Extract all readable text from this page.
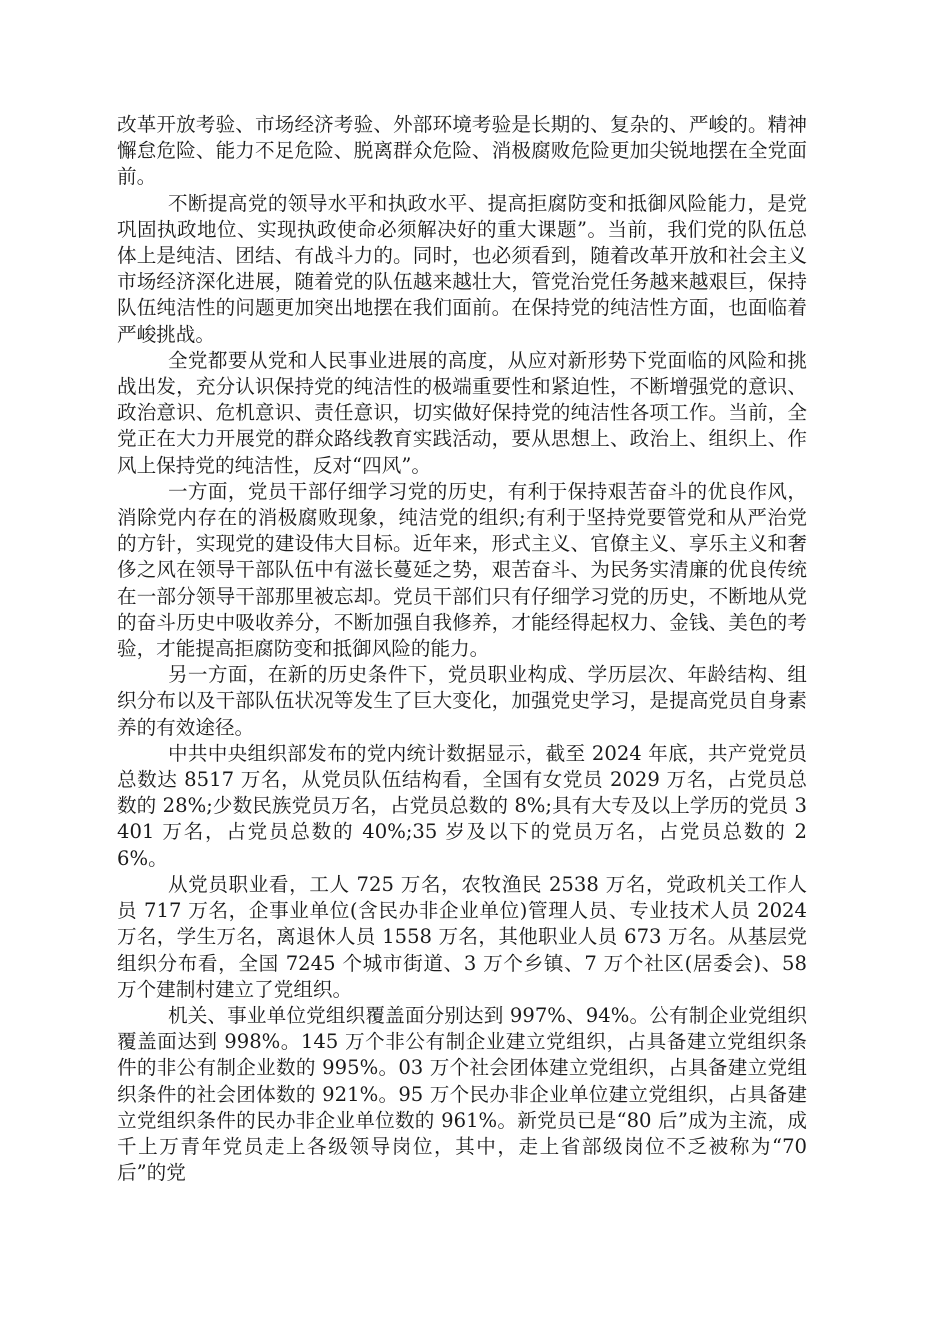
改革开放考验、市场经济考验、外部环境考验是长期的、复杂的、严峻的。精神懈怠危险、能力不足危险、脱离群众危险、消极腐败危险更加尖锐地摆在全党面前。

不断提高党的领导水平和执政水平、提高拒腐防变和抵御风险能力，是党巩固执政地位、实现执政使命必须解决好的重大课题”。当前，我们党的队伍总体上是纯洁、团结、有战斗力的。同时，也必须看到，随着改革开放和社会主义市场经济深化进展，随着党的队伍越来越壮大，管党治党任务越来越艰巨，保持队伍纯洁性的问题更加突出地摆在我们面前。在保持党的纯洁性方面，也面临着严峻挑战。

全党都要从党和人民事业进展的高度，从应对新形势下党面临的风险和挑战出发，充分认识保持党的纯洁性的极端重要性和紧迫性，不断增强党的意识、政治意识、危机意识、责任意识，切实做好保持党的纯洁性各项工作。当前，全党正在大力开展党的群众路线教育实践活动，要从思想上、政治上、组织上、作风上保持党的纯洁性，反对“四风”。

一方面，党员干部仔细学习党的历史，有利于保持艰苦奋斗的优良作风，消除党内存在的消极腐败现象，纯洁党的组织;有利于坚持党要管党和从严治党的方针，实现党的建设伟大目标。近年来，形式主义、官僚主义、享乐主义和奢侈之风在领导干部队伍中有滋长蔓延之势，艰苦奋斗、为民务实清廉的优良传统在一部分领导干部那里被忘却。党员干部们只有仔细学习党的历史，不断地从党的奋斗历史中吸收养分，不断加强自我修养，才能经得起权力、金钱、美色的考验，才能提高拒腐防变和抵御风险的能力。

另一方面，在新的历史条件下，党员职业构成、学历层次、年龄结构、组织分布以及干部队伍状况等发生了巨大变化，加强党史学习，是提高党员自身素养的有效途径。

中共中央组织部发布的党内统计数据显示，截至 2024 年底，共产党党员总数达 8517 万名，从党员队伍结构看，全国有女党员 2029 万名，占党员总数的 28%;少数民族党员万名，占党员总数的 8%;具有大专及以上学历的党员 3401 万名，占党员总数的 40%;35 岁及以下的党员万名，占党员总数的 26%。

从党员职业看，工人 725 万名，农牧渔民 2538 万名，党政机关工作人员 717 万名，企事业单位(含民办非企业单位)管理人员、专业技术人员 2024 万名，学生万名，离退休人员 1558 万名，其他职业人员 673 万名。从基层党组织分布看，全国 7245 个城市街道、3 万个乡镇、7 万个社区(居委会)、58 万个建制村建立了党组织。

机关、事业单位党组织覆盖面分别达到 997%、94%。公有制企业党组织覆盖面达到 998%。145 万个非公有制企业建立党组织，占具备建立党组织条件的非公有制企业数的 995%。03 万个社会团体建立党组织，占具备建立党组织条件的社会团体数的 921%。95 万个民办非企业单位建立党组织，占具备建立党组织条件的民办非企业单位数的 961%。新党员已是“80 后”成为主流，成千上万青年党员走上各级领导岗位，其中，走上省部级岗位不乏被称为“70 后”的党
